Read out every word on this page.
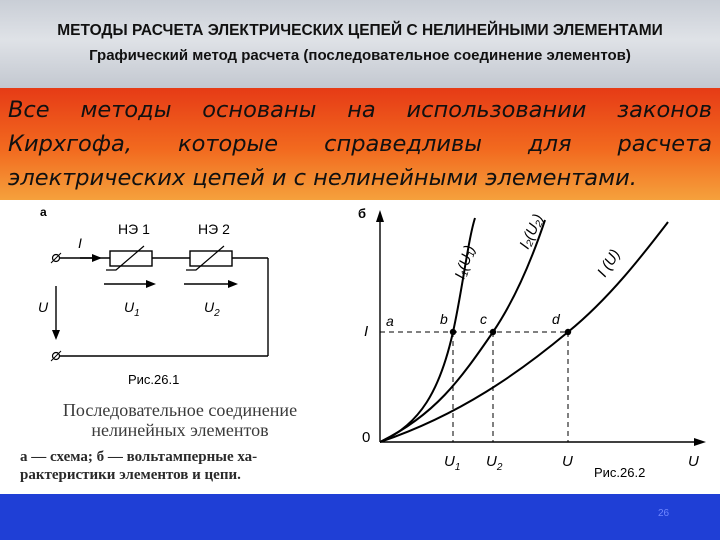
МЕТОДЫ РАСЧЕТА ЭЛЕКТРИЧЕСКИХ ЦЕПЕЙ С НЕЛИНЕЙНЫМИ ЭЛЕМЕНТАМИ
Графический метод расчета (последовательное соединение элементов)
Все методы основаны на использовании законов
Кирхгофа, которые справедливы для расчета
электрических цепей и с нелинейными элементами.
а
I
НЭ 1	НЭ 2
$U_1$	$U_2$
U
Рис.26.1
Последовательное соединение
нелинейных элементов
а — схема; б — вольтамперные ха-
рактеристики элементов и цепи.
б
0
U
I
I₁(U₁)
I₂(U₂)
I (U)
a	b c	d
$U_1$ $U_2$	U
Рис.26.2
26
